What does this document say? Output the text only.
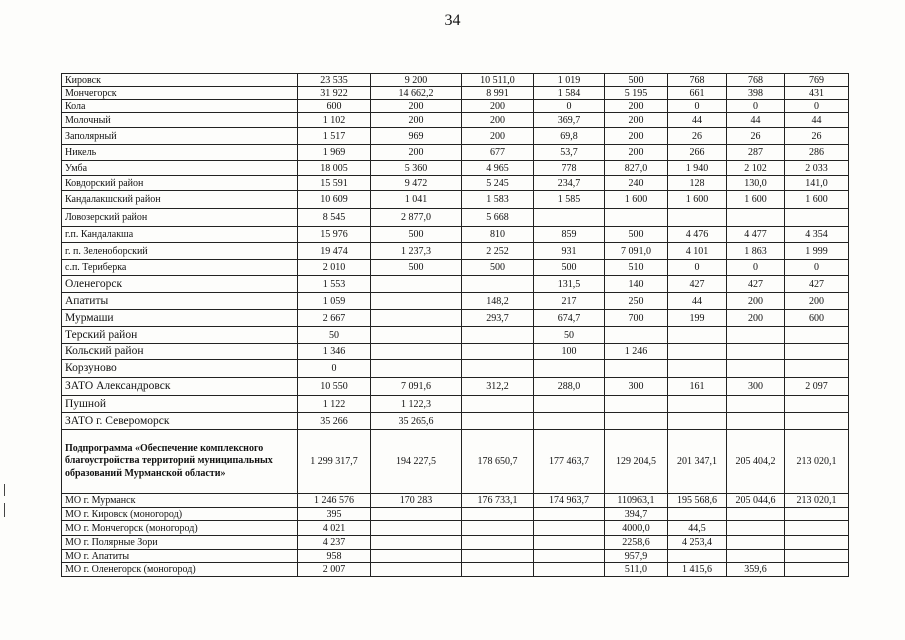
34
Кировск	23 535	9 200	10 511,0	1 019	500	768	768	769
Мончегорск	31 922	14 662,2	8 991	1 584	5 195	661	398	431
Кола	600	200	200	0	200	0	0	0
Молочный	1 102	200	200	369,7	200	44	44	44
Заполярный	1 517	969	200	69,8	200	26	26	26
Никель	1 969	200	677	53,7	200	266	287	286
Умба	18 005	5 360	4 965	778	827,0	1 940	2 102	2 033
Ковдорский район	15 591	9 472	5 245	234,7	240	128	130,0	141,0
Кандалакшский район	10 609	1 041	1 583	1 585	1 600	1 600	1 600	1 600
Ловозерский район	8 545	2 877,0	5 668					
г.п. Кандалакша	15 976	500	810	859	500	4 476	4 477	4 354
г. п. Зеленоборский	19 474	1 237,3	2 252	931	7 091,0	4 101	1 863	1 999
с.п. Териберка	2 010	500	500	500	510	0	0	0
Оленегорск	1 553			131,5	140	427	427	427
Апатиты	1 059		148,2	217	250	44	200	200
Мурмаши	2 667		293,7	674,7	700	199	200	600
Терский район	50			50				
Кольский район	1 346			100	1 246			
Корзуново	0							
ЗАТО Александровск	10 550	7 091,6	312,2	288,0	300	161	300	2 097
Пушной	1 122	1 122,3						
ЗАТО г. Североморск	35 266	35 265,6						
Подпрограмма «Обеспечение комплексного благоустройства территорий муниципальных образований Мурманской области»	1 299 317,7	194 227,5	178 650,7	177 463,7	129 204,5	201 347,1	205 404,2	213 020,1
МО г. Мурманск	1 246 576	170 283	176 733,1	174 963,7	110963,1	195 568,6	205 044,6	213 020,1
МО г. Кировск (моногород)	395				394,7			
МО г. Мончегорск (моногород)	4 021				4000,0	44,5		
МО г. Полярные Зори	4 237				2258,6	4 253,4		
МО г. Апатиты	958				957,9			
МО г. Оленегорск (моногород)	2 007				511,0	1 415,6	359,6	
